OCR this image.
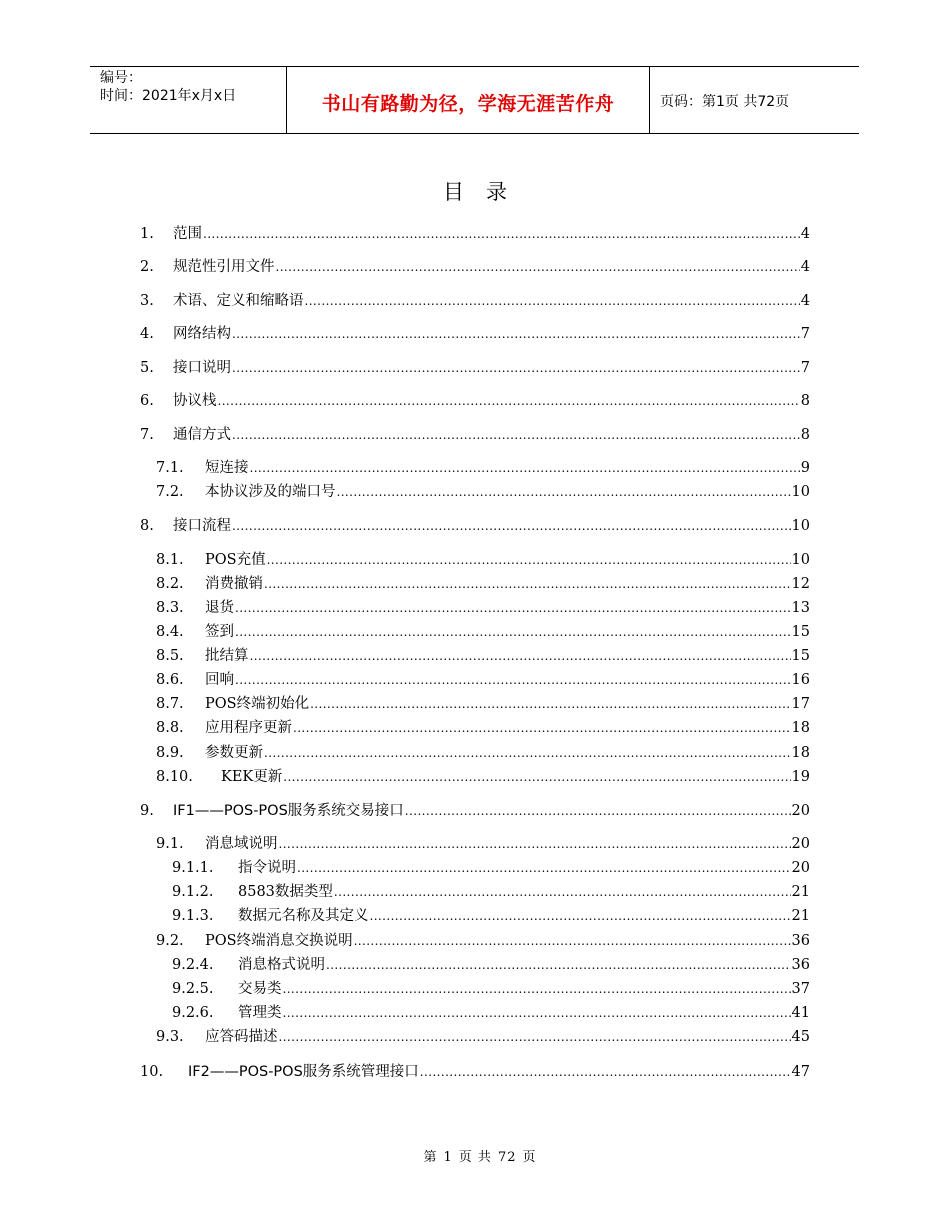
编号：
时间：2021年x月x日	书山有路勤为径，学海无涯苦作舟	页码：第1页 共72页
目录
1.	范围 .....	4
2.	规范性引用文件 .....	4
3.	术语、定义和缩略语 .....	4
4.	网络结构 .....	7
5.	接口说明 .....	7
6.	协议栈 .....	8
7.	通信方式 .....	8
7.1.	短连接 .....	9
7.2.	本协议涉及的端口号 .....	10
8.	接口流程 .....	10
8.1.	POS充值 .....	10
8.2.	消费撤销 .....	12
8.3.	退货 .....	13
8.4.	签到 .....	15
8.5.	批结算 .....	15
8.6.	回响 .....	16
8.7.	POS终端初始化 .....	17
8.8.	应用程序更新 .....	18
8.9.	参数更新 .....	18
8.10.	KEK更新 .....	19
9.	IF1——POS-POS服务系统交易接口 .....	20
9.1.	消息域说明 .....	20
9.1.1.	指令说明 .....	20
9.1.2.	8583数据类型 .....	21
9.1.3.	数据元名称及其定义 .....	21
9.2.	POS终端消息交换说明 .....	36
9.2.4.	消息格式说明 .....	36
9.2.5.	交易类 .....	37
9.2.6.	管理类 .....	41
9.3.	应答码描述 .....	45
10.	IF2——POS-POS服务系统管理接口 .....	47
第 1 页 共 72 页
